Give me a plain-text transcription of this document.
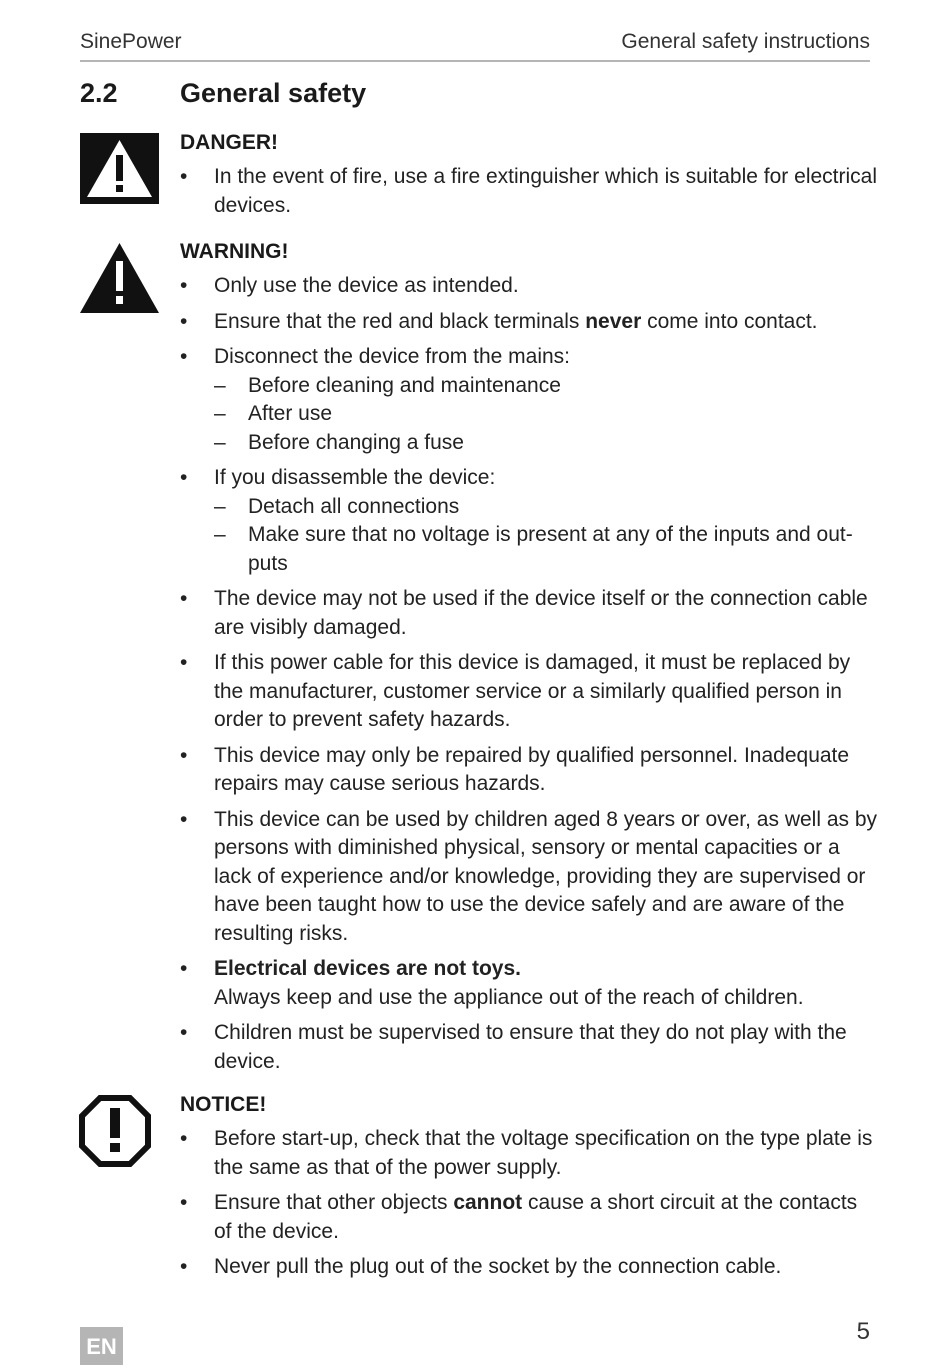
SinePower	General safety instructions
2.2 General safety
DANGER!
• In the event of fire, use a fire extinguisher which is suitable for electrical devices.
WARNING!
• Only use the device as intended.
• Ensure that the red and black terminals never come into contact.
• Disconnect the device from the mains:
– Before cleaning and maintenance
– After use
– Before changing a fuse
• If you disassemble the device:
– Detach all connections
– Make sure that no voltage is present at any of the inputs and out-puts
• The device may not be used if the device itself or the connection cable are visibly damaged.
• If this power cable for this device is damaged, it must be replaced by the manufacturer, customer service or a similarly qualified person in order to prevent safety hazards.
• This device may only be repaired by qualified personnel. Inadequate repairs may cause serious hazards.
• This device can be used by children aged 8 years or over, as well as by persons with diminished physical, sensory or mental capacities or a lack of experience and/or knowledge, providing they are supervised or have been taught how to use the device safely and are aware of the resulting risks.
• Electrical devices are not toys.
Always keep and use the appliance out of the reach of children.
• Children must be supervised to ensure that they do not play with the device.
NOTICE!
• Before start-up, check that the voltage specification on the type plate is the same as that of the power supply.
• Ensure that other objects cannot cause a short circuit at the contacts of the device.
• Never pull the plug out of the socket by the connection cable.
EN
5
